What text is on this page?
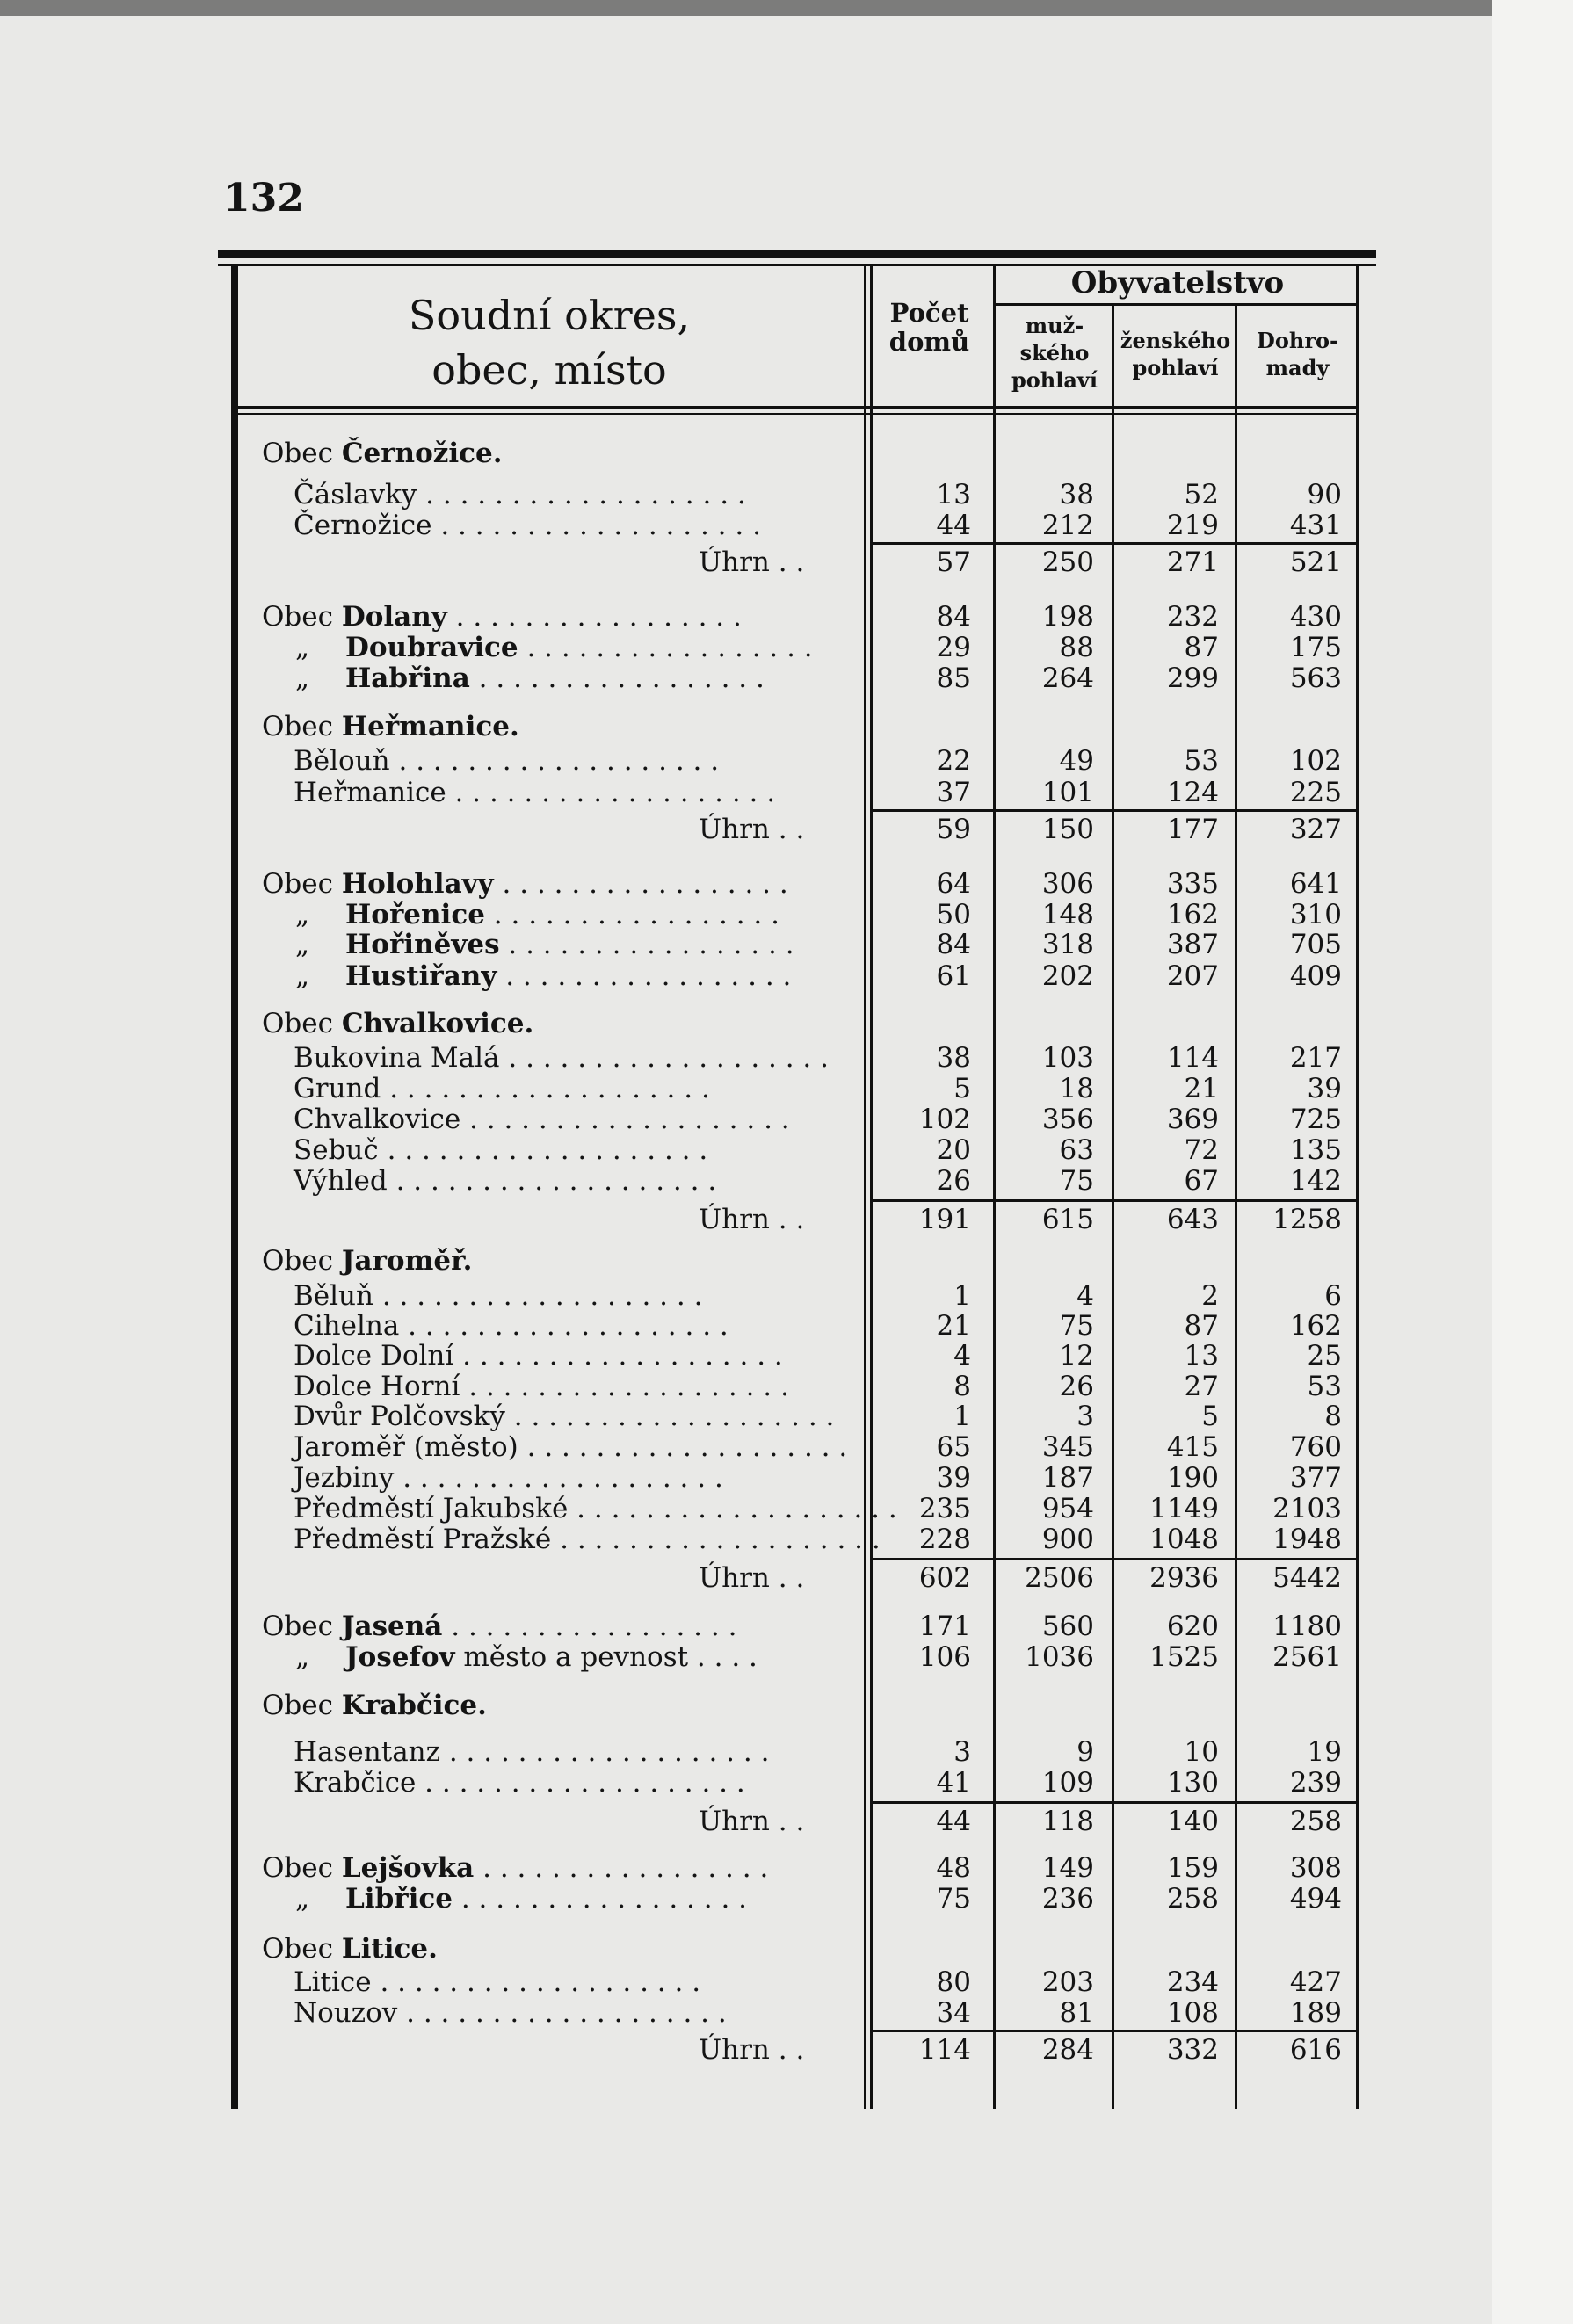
132
Soudní okres,
obec, místo
Počet domů
Obyvatelstvo
muž-ského pohlaví
ženského pohlaví
Dohro-mady
Obec Černožice.
Čáslavky . . . . . . . . . . . . . . . . . . .	13	38	52	90
Černožice . . . . . . . . . . . . . . . . . . .	44	212	219	431
Úhrn . .	57	250	271	521
Obec Dolany . . . . . . . . . . . . . . . . .	84	198	232	430
„Doubravice . . . . . . . . . . . . . . . . .	29	88	87	175
„Habřina . . . . . . . . . . . . . . . . .	85	264	299	563
Obec Heřmanice.
Bělouň . . . . . . . . . . . . . . . . . . .	22	49	53	102
Heřmanice . . . . . . . . . . . . . . . . . . .	37	101	124	225
Úhrn . .	59	150	177	327
Obec Holohlavy . . . . . . . . . . . . . . . . .	64	306	335	641
„Hořenice . . . . . . . . . . . . . . . . .	50	148	162	310
„Hořiněves . . . . . . . . . . . . . . . . .	84	318	387	705
„Hustiřany . . . . . . . . . . . . . . . . .	61	202	207	409
Obec Chvalkovice.
Bukovina Malá . . . . . . . . . . . . . . . . . . .	38	103	114	217
Grund . . . . . . . . . . . . . . . . . . .	5	18	21	39
Chvalkovice . . . . . . . . . . . . . . . . . . .	102	356	369	725
Sebuč . . . . . . . . . . . . . . . . . . .	20	63	72	135
Výhled . . . . . . . . . . . . . . . . . . .	26	75	67	142
Úhrn . .	191	615	643	1258
Obec Jaroměř.
Běluň . . . . . . . . . . . . . . . . . . .	1	4	2	6
Cihelna . . . . . . . . . . . . . . . . . . .	21	75	87	162
Dolce Dolní . . . . . . . . . . . . . . . . . . .	4	12	13	25
Dolce Horní . . . . . . . . . . . . . . . . . . .	8	26	27	53
Dvůr Polčovský . . . . . . . . . . . . . . . . . . .	1	3	5	8
Jaroměř (město) . . . . . . . . . . . . . . . . . . .	65	345	415	760
Jezbiny . . . . . . . . . . . . . . . . . . .	39	187	190	377
Předměstí Jakubské . . . . . . . . . . . . . . . . . . . 235	954	1149	2103
Předměstí Pražské . . . . . . . . . . . . . . . . . . .	228	900	1048	1948
Úhrn . .	602	2506	2936	5442
Obec Jasená . . . . . . . . . . . . . . . . .	171	560	620	1180
„Josefov město a pevnost . . . .	106	1036	1525	2561
Obec Krabčice.
Hasentanz . . . . . . . . . . . . . . . . . . .	3	9	10	19
Krabčice . . . . . . . . . . . . . . . . . . .	41	109	130	239
Úhrn . .	44	118	140	258
Obec Lejšovka . . . . . . . . . . . . . . . . .	48	149	159	308
„Libřice . . . . . . . . . . . . . . . . .	75	236	258	494
Obec Litice.
Litice . . . . . . . . . . . . . . . . . . .	80	203	234	427
Nouzov . . . . . . . . . . . . . . . . . . .	34	81	108	189
Úhrn . .	114	284	332	616
